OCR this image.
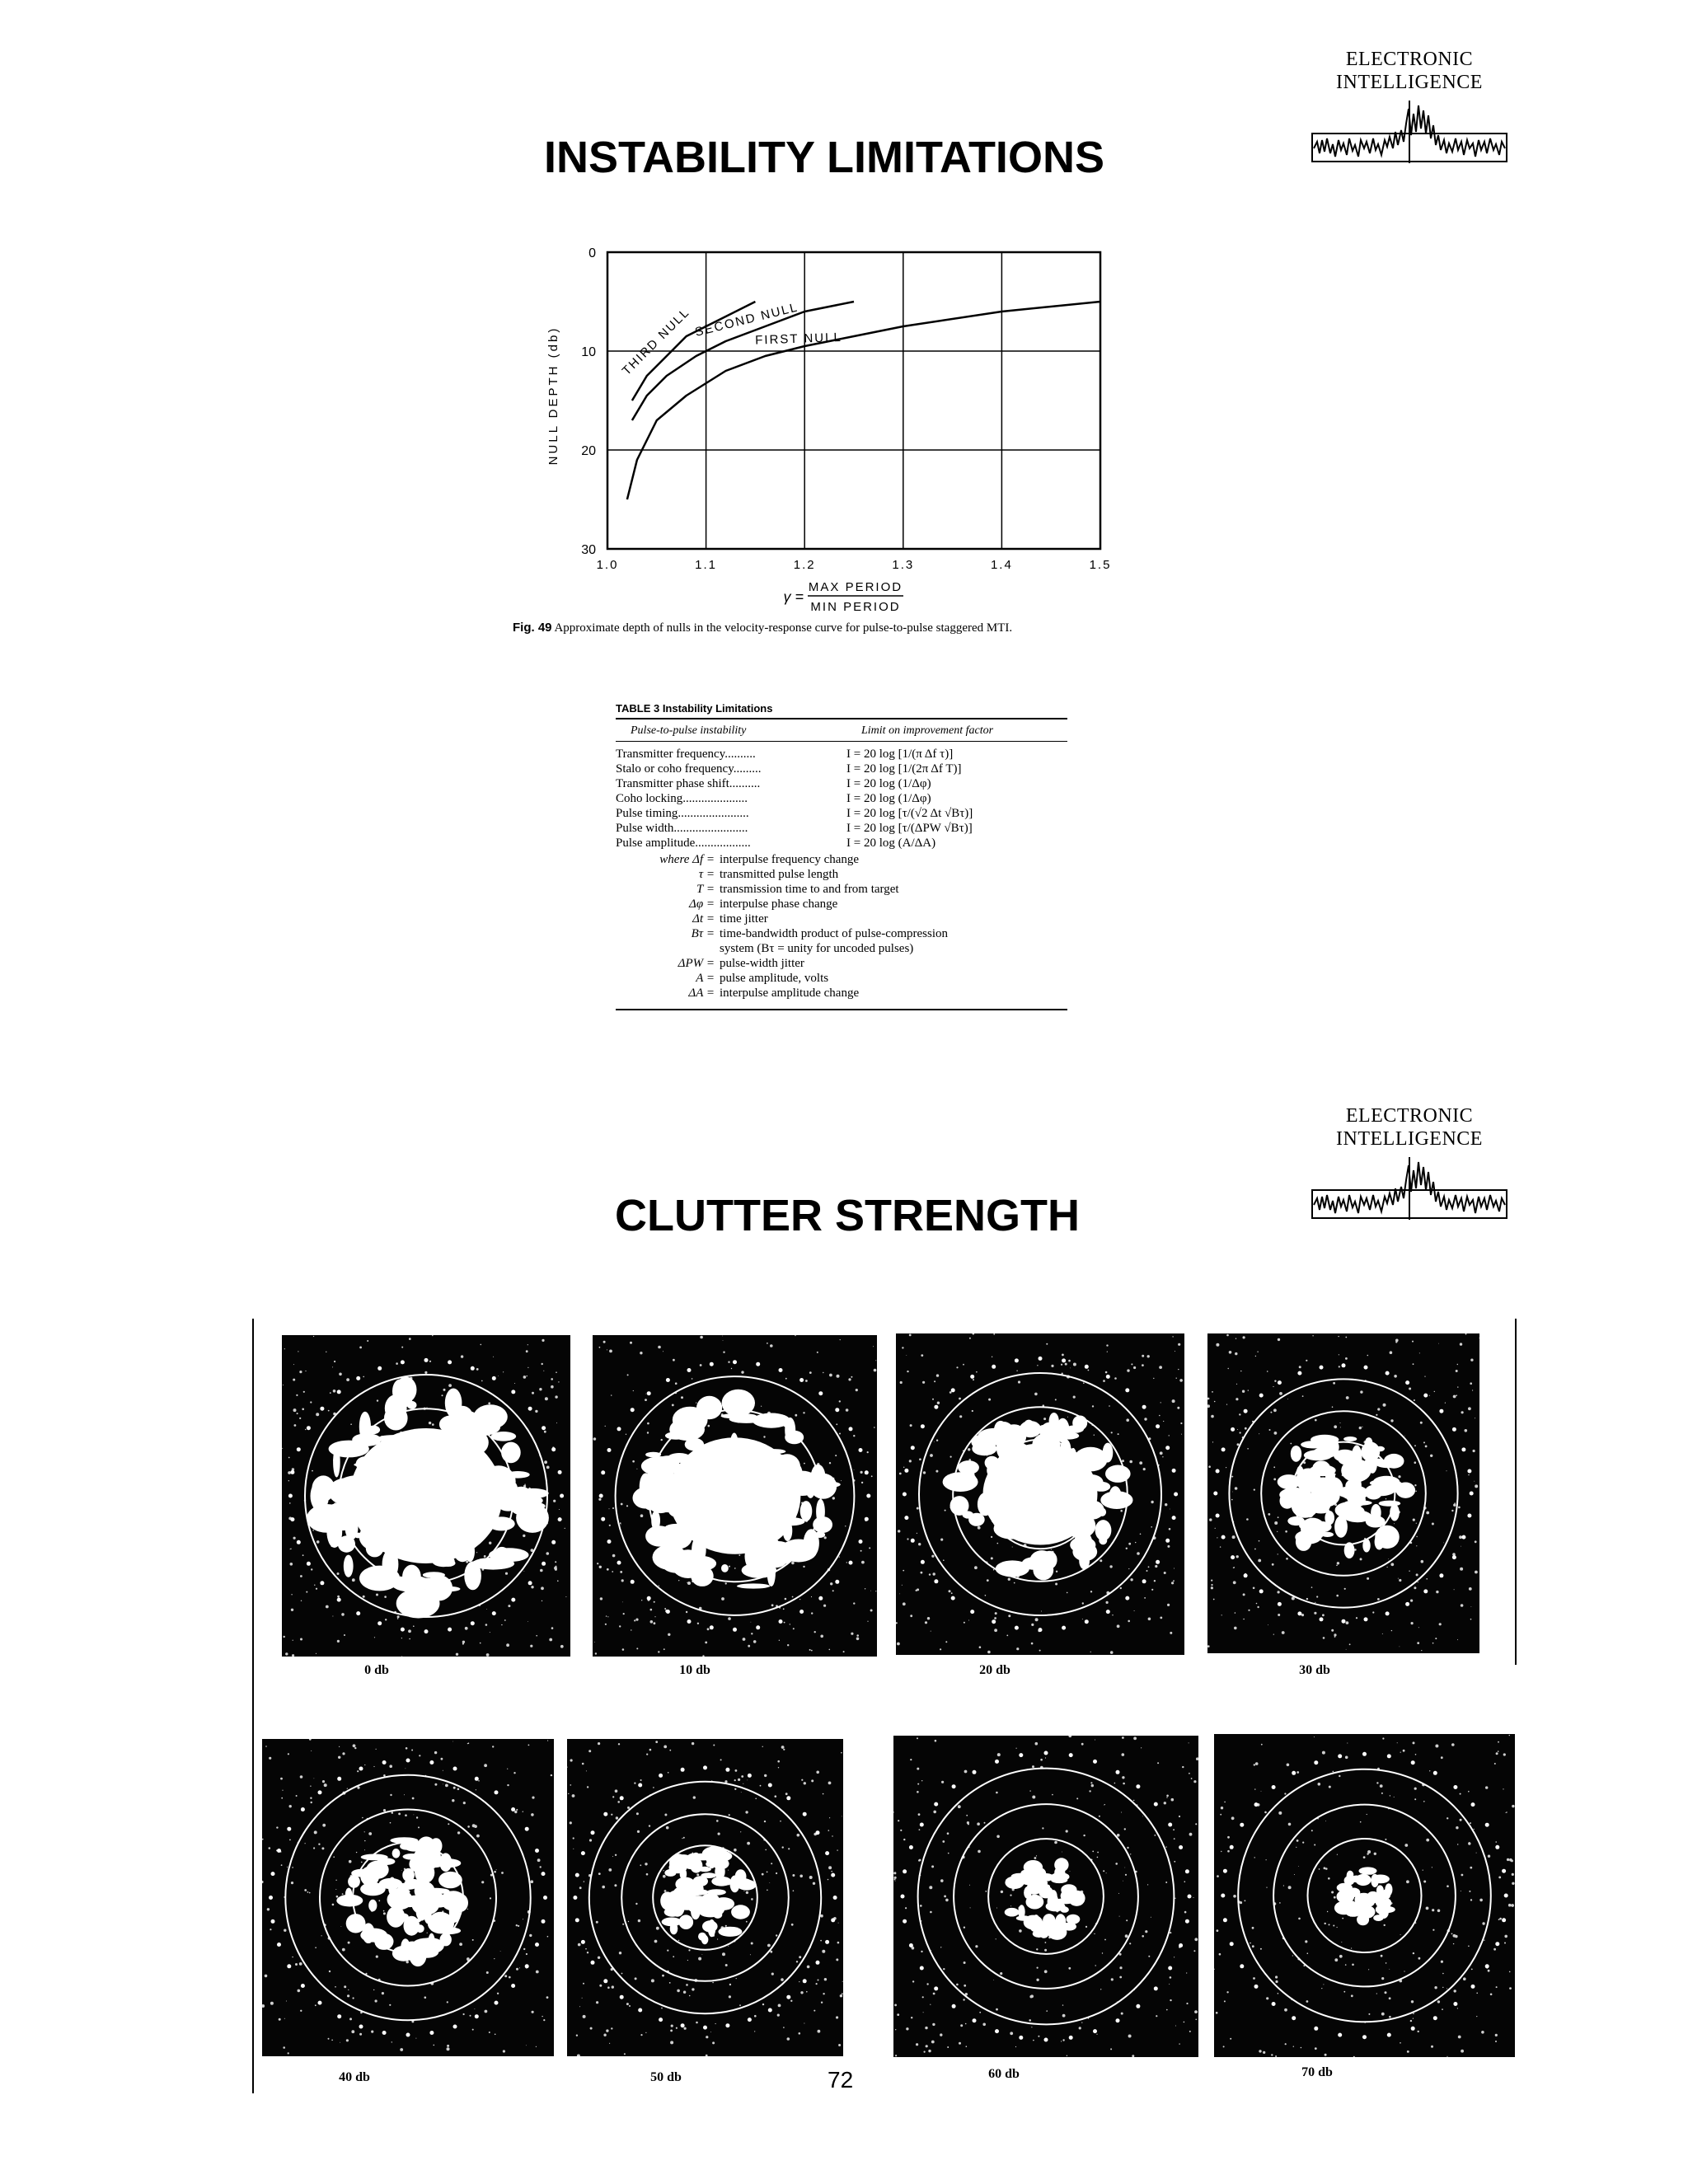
ELECTRONIC
INTELLIGENCE
INSTABILITY LIMITATIONS
1.0	1.1	1.2	1.3	1.4	1.5
0
10
20
30
FIRST NULL
SECOND NULL
THIRD NULL
NULL DEPTH (db)
γ =
MAX PERIOD
MIN PERIOD
Fig. 49 Approximate depth of nulls in the velocity-response curve for pulse-to-pulse staggered MTI.
TABLE 3 Instability Limitations
Pulse-to-pulse instability	Limit on improvement factor
Transmitter frequency..........	I = 20 log [1/(π Δf τ)]
Stalo or coho frequency.........	I = 20 log [1/(2π Δf T)]
Transmitter phase shift..........	I = 20 log (1/Δφ)
Coho locking.....................	I = 20 log (1/Δφ)
Pulse timing.......................	I = 20 log [τ/(√2 Δt √Bτ)]
Pulse width........................	I = 20 log [τ/(ΔPW √Bτ)]
Pulse amplitude..................	I = 20 log (A/ΔA)
where Δf = interpulse frequency change
τ = transmitted pulse length
T = transmission time to and from target
Δφ = interpulse phase change
Δt = time jitter
Bτ = time-bandwidth product of pulse-compression
system (Bτ = unity for uncoded pulses)
ΔPW = pulse-width jitter
A = pulse amplitude, volts
ΔA = interpulse amplitude change
ELECTRONIC
INTELLIGENCE
CLUTTER STRENGTH
0 db	10 db	20 db	30 db
40 db	50 db	60 db	70 db
72
